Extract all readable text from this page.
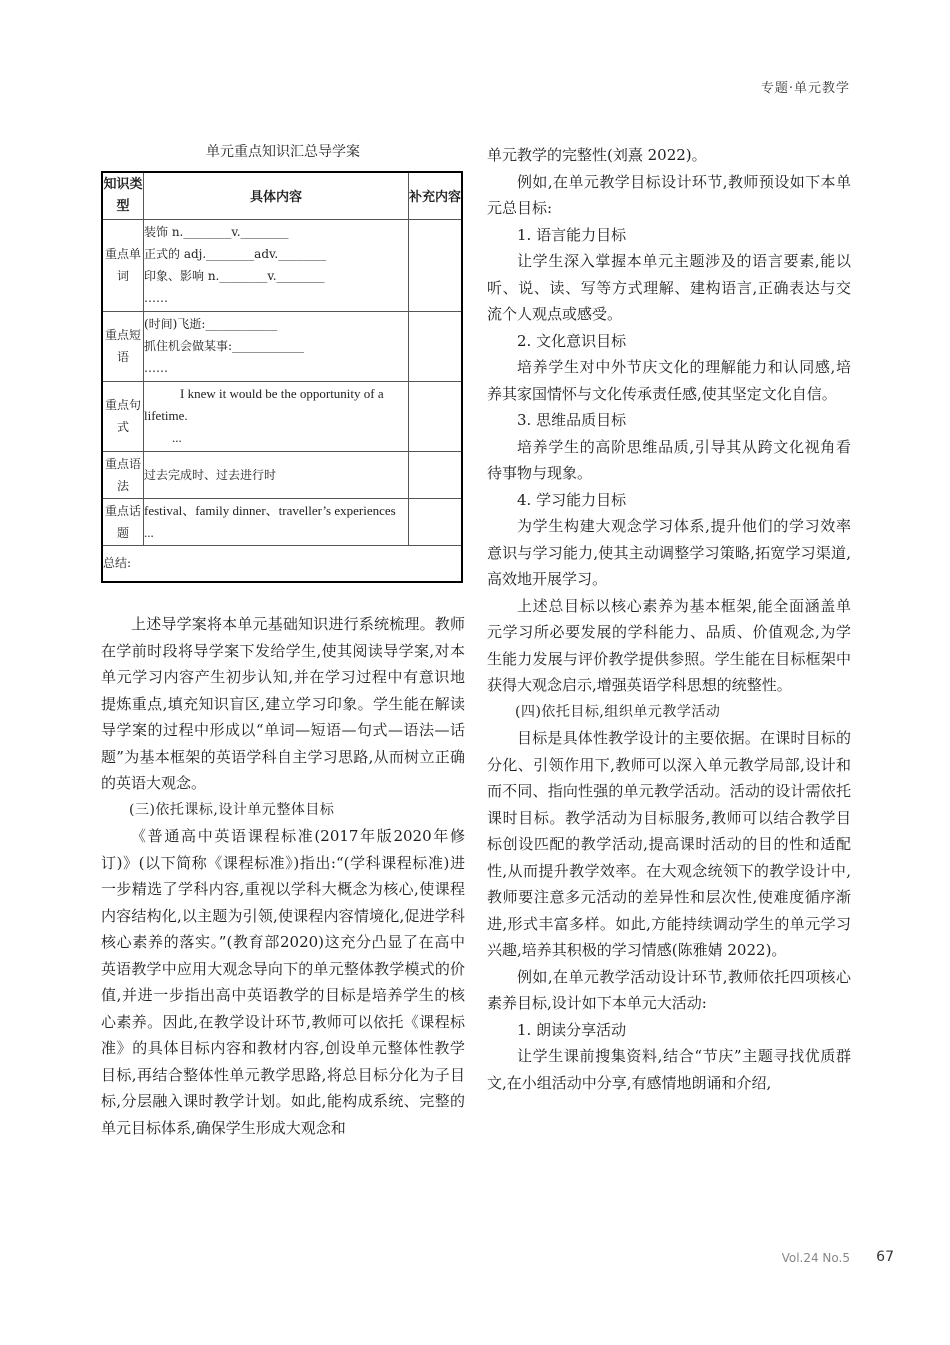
专题·单元教学
单元重点知识汇总导学案
知识类型	具体内容	补充内容
重点单词	装饰 n.________v.________
正式的 adj.________adv.________
印象、影响 n.________v.________
……	

重点短语	(时间)飞逝:____________
抓住机会做某事:____________
……	

重点句式	I knew it would be the opportunity of a lifetime.
...	

重点语法	过去完成时、过去进行时	
重点话题	festival、family dinner、traveller’s experiences ...	
总结:		

上述导学案将本单元基础知识进行系统梳理。教师在学前时段将导学案下发给学生,使其阅读导学案,对本单元学习内容产生初步认知,并在学习过程中有意识地提炼重点,填充知识盲区,建立学习印象。学生能在解读导学案的过程中形成以“单词—短语—句式—语法—话题”为基本框架的英语学科自主学习思路,从而树立正确的英语大观念。

(三)依托课标,设计单元整体目标

《普通高中英语课程标准(2017年版2020年修订)》(以下简称《课程标准》)指出:“(学科课程标准)进一步精选了学科内容,重视以学科大概念为核心,使课程内容结构化,以主题为引领,使课程内容情境化,促进学科核心素养的落实。”(教育部2020)这充分凸显了在高中英语教学中应用大观念导向下的单元整体教学模式的价值,并进一步指出高中英语教学的目标是培养学生的核心素养。因此,在教学设计环节,教师可以依托《课程标准》的具体目标内容和教材内容,创设单元整体性教学目标,再结合整体性单元教学思路,将总目标分化为子目标,分层融入课时教学计划。如此,能构成系统、完整的单元目标体系,确保学生形成大观念和

单元教学的完整性(刘熹 2022)。

例如,在单元教学目标设计环节,教师预设如下本单元总目标:

1. 语言能力目标

让学生深入掌握本单元主题涉及的语言要素,能以听、说、读、写等方式理解、建构语言,正确表达与交流个人观点或感受。

2. 文化意识目标

培养学生对中外节庆文化的理解能力和认同感,培养其家国情怀与文化传承责任感,使其坚定文化自信。

3. 思维品质目标

培养学生的高阶思维品质,引导其从跨文化视角看待事物与现象。

4. 学习能力目标

为学生构建大观念学习体系,提升他们的学习效率意识与学习能力,使其主动调整学习策略,拓宽学习渠道,高效地开展学习。

上述总目标以核心素养为基本框架,能全面涵盖单元学习所必要发展的学科能力、品质、价值观念,为学生能力发展与评价教学提供参照。学生能在目标框架中获得大观念启示,增强英语学科思想的统整性。

(四)依托目标,组织单元教学活动

目标是具体性教学设计的主要依据。在课时目标的分化、引领作用下,教师可以深入单元教学局部,设计和而不同、指向性强的单元教学活动。活动的设计需依托课时目标。教学活动为目标服务,教师可以结合教学目标创设匹配的教学活动,提高课时活动的目的性和适配性,从而提升教学效率。在大观念统领下的教学设计中,教师要注意多元活动的差异性和层次性,使难度循序渐进,形式丰富多样。如此,方能持续调动学生的单元学习兴趣,培养其积极的学习情感(陈雅婧 2022)。

例如,在单元教学活动设计环节,教师依托四项核心素养目标,设计如下本单元大活动:

1. 朗读分享活动

让学生课前搜集资料,结合“节庆”主题寻找优质群文,在小组活动中分享,有感情地朗诵和介绍,

Vol.24 No.5 67
